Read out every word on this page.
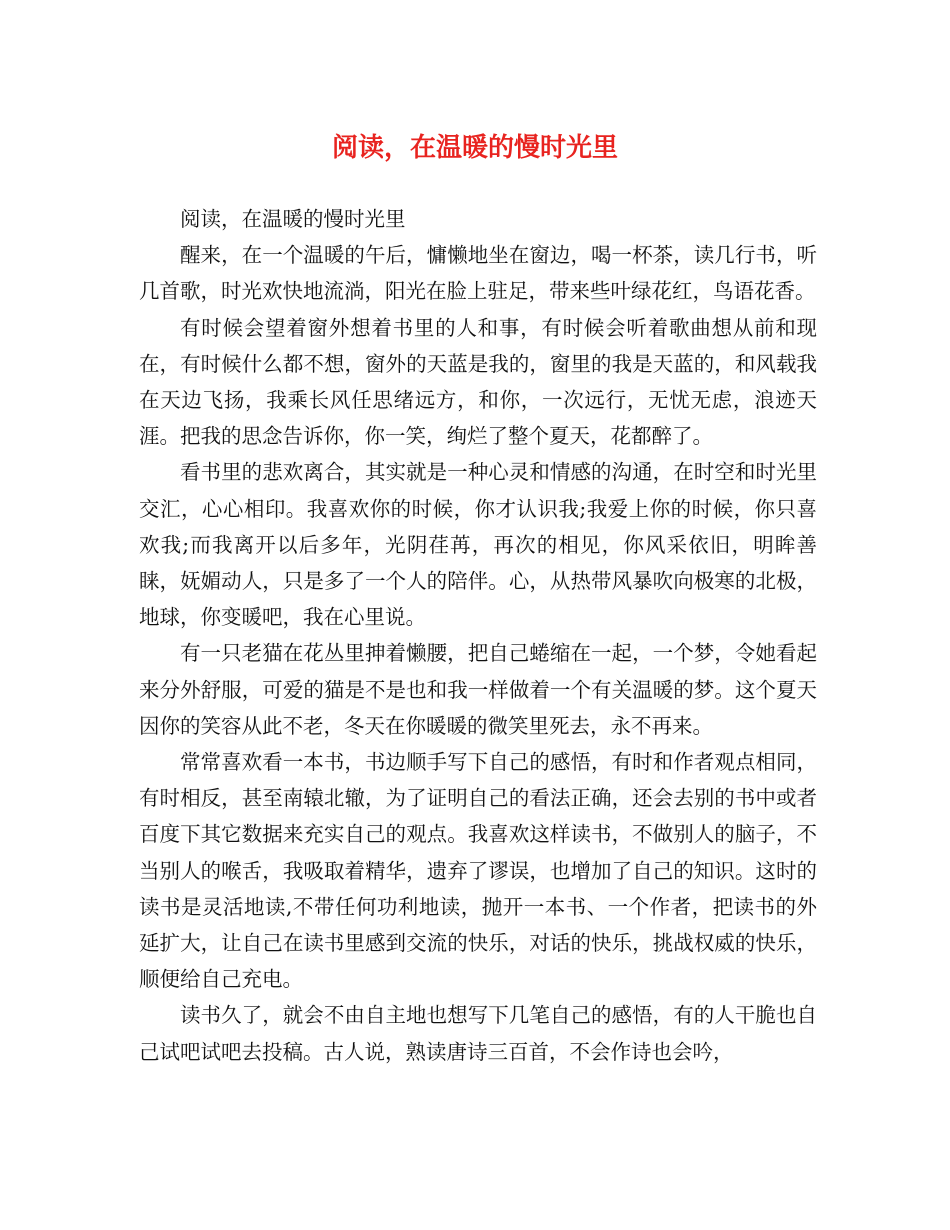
阅读，在温暖的慢时光里

阅读，在温暖的慢时光里

醒来，在一个温暖的午后，慵懒地坐在窗边，喝一杯茶，读几行书，听几首歌，时光欢快地流淌，阳光在脸上驻足，带来些叶绿花红，鸟语花香。

有时候会望着窗外想着书里的人和事，有时候会听着歌曲想从前和现在，有时候什么都不想，窗外的天蓝是我的，窗里的我是天蓝的，和风载我在天边飞扬，我乘长风任思绪远方，和你，一次远行，无忧无虑，浪迹天涯。把我的思念告诉你，你一笑，绚烂了整个夏天，花都醉了。

看书里的悲欢离合，其实就是一种心灵和情感的沟通，在时空和时光里交汇，心心相印。我喜欢你的时候，你才认识我;我爱上你的时候，你只喜欢我;而我离开以后多年，光阴荏苒，再次的相见，你风采依旧，明眸善睐，妩媚动人，只是多了一个人的陪伴。心，从热带风暴吹向极寒的北极，地球，你变暖吧，我在心里说。

有一只老猫在花丛里抻着懒腰，把自己蜷缩在一起，一个梦，令她看起来分外舒服，可爱的猫是不是也和我一样做着一个有关温暖的梦。这个夏天因你的笑容从此不老，冬天在你暖暖的微笑里死去，永不再来。

常常喜欢看一本书，书边顺手写下自己的感悟，有时和作者观点相同，有时相反，甚至南辕北辙，为了证明自己的看法正确，还会去别的书中或者百度下其它数据来充实自己的观点。我喜欢这样读书，不做别人的脑子，不当别人的喉舌，我吸取着精华，遗弃了谬误，也增加了自己的知识。这时的读书是灵活地读,不带任何功利地读，抛开一本书、一个作者，把读书的外延扩大，让自己在读书里感到交流的快乐，对话的快乐，挑战权威的快乐，顺便给自己充电。

读书久了，就会不由自主地也想写下几笔自己的感悟，有的人干脆也自己试吧试吧去投稿。古人说，熟读唐诗三百首，不会作诗也会吟，
